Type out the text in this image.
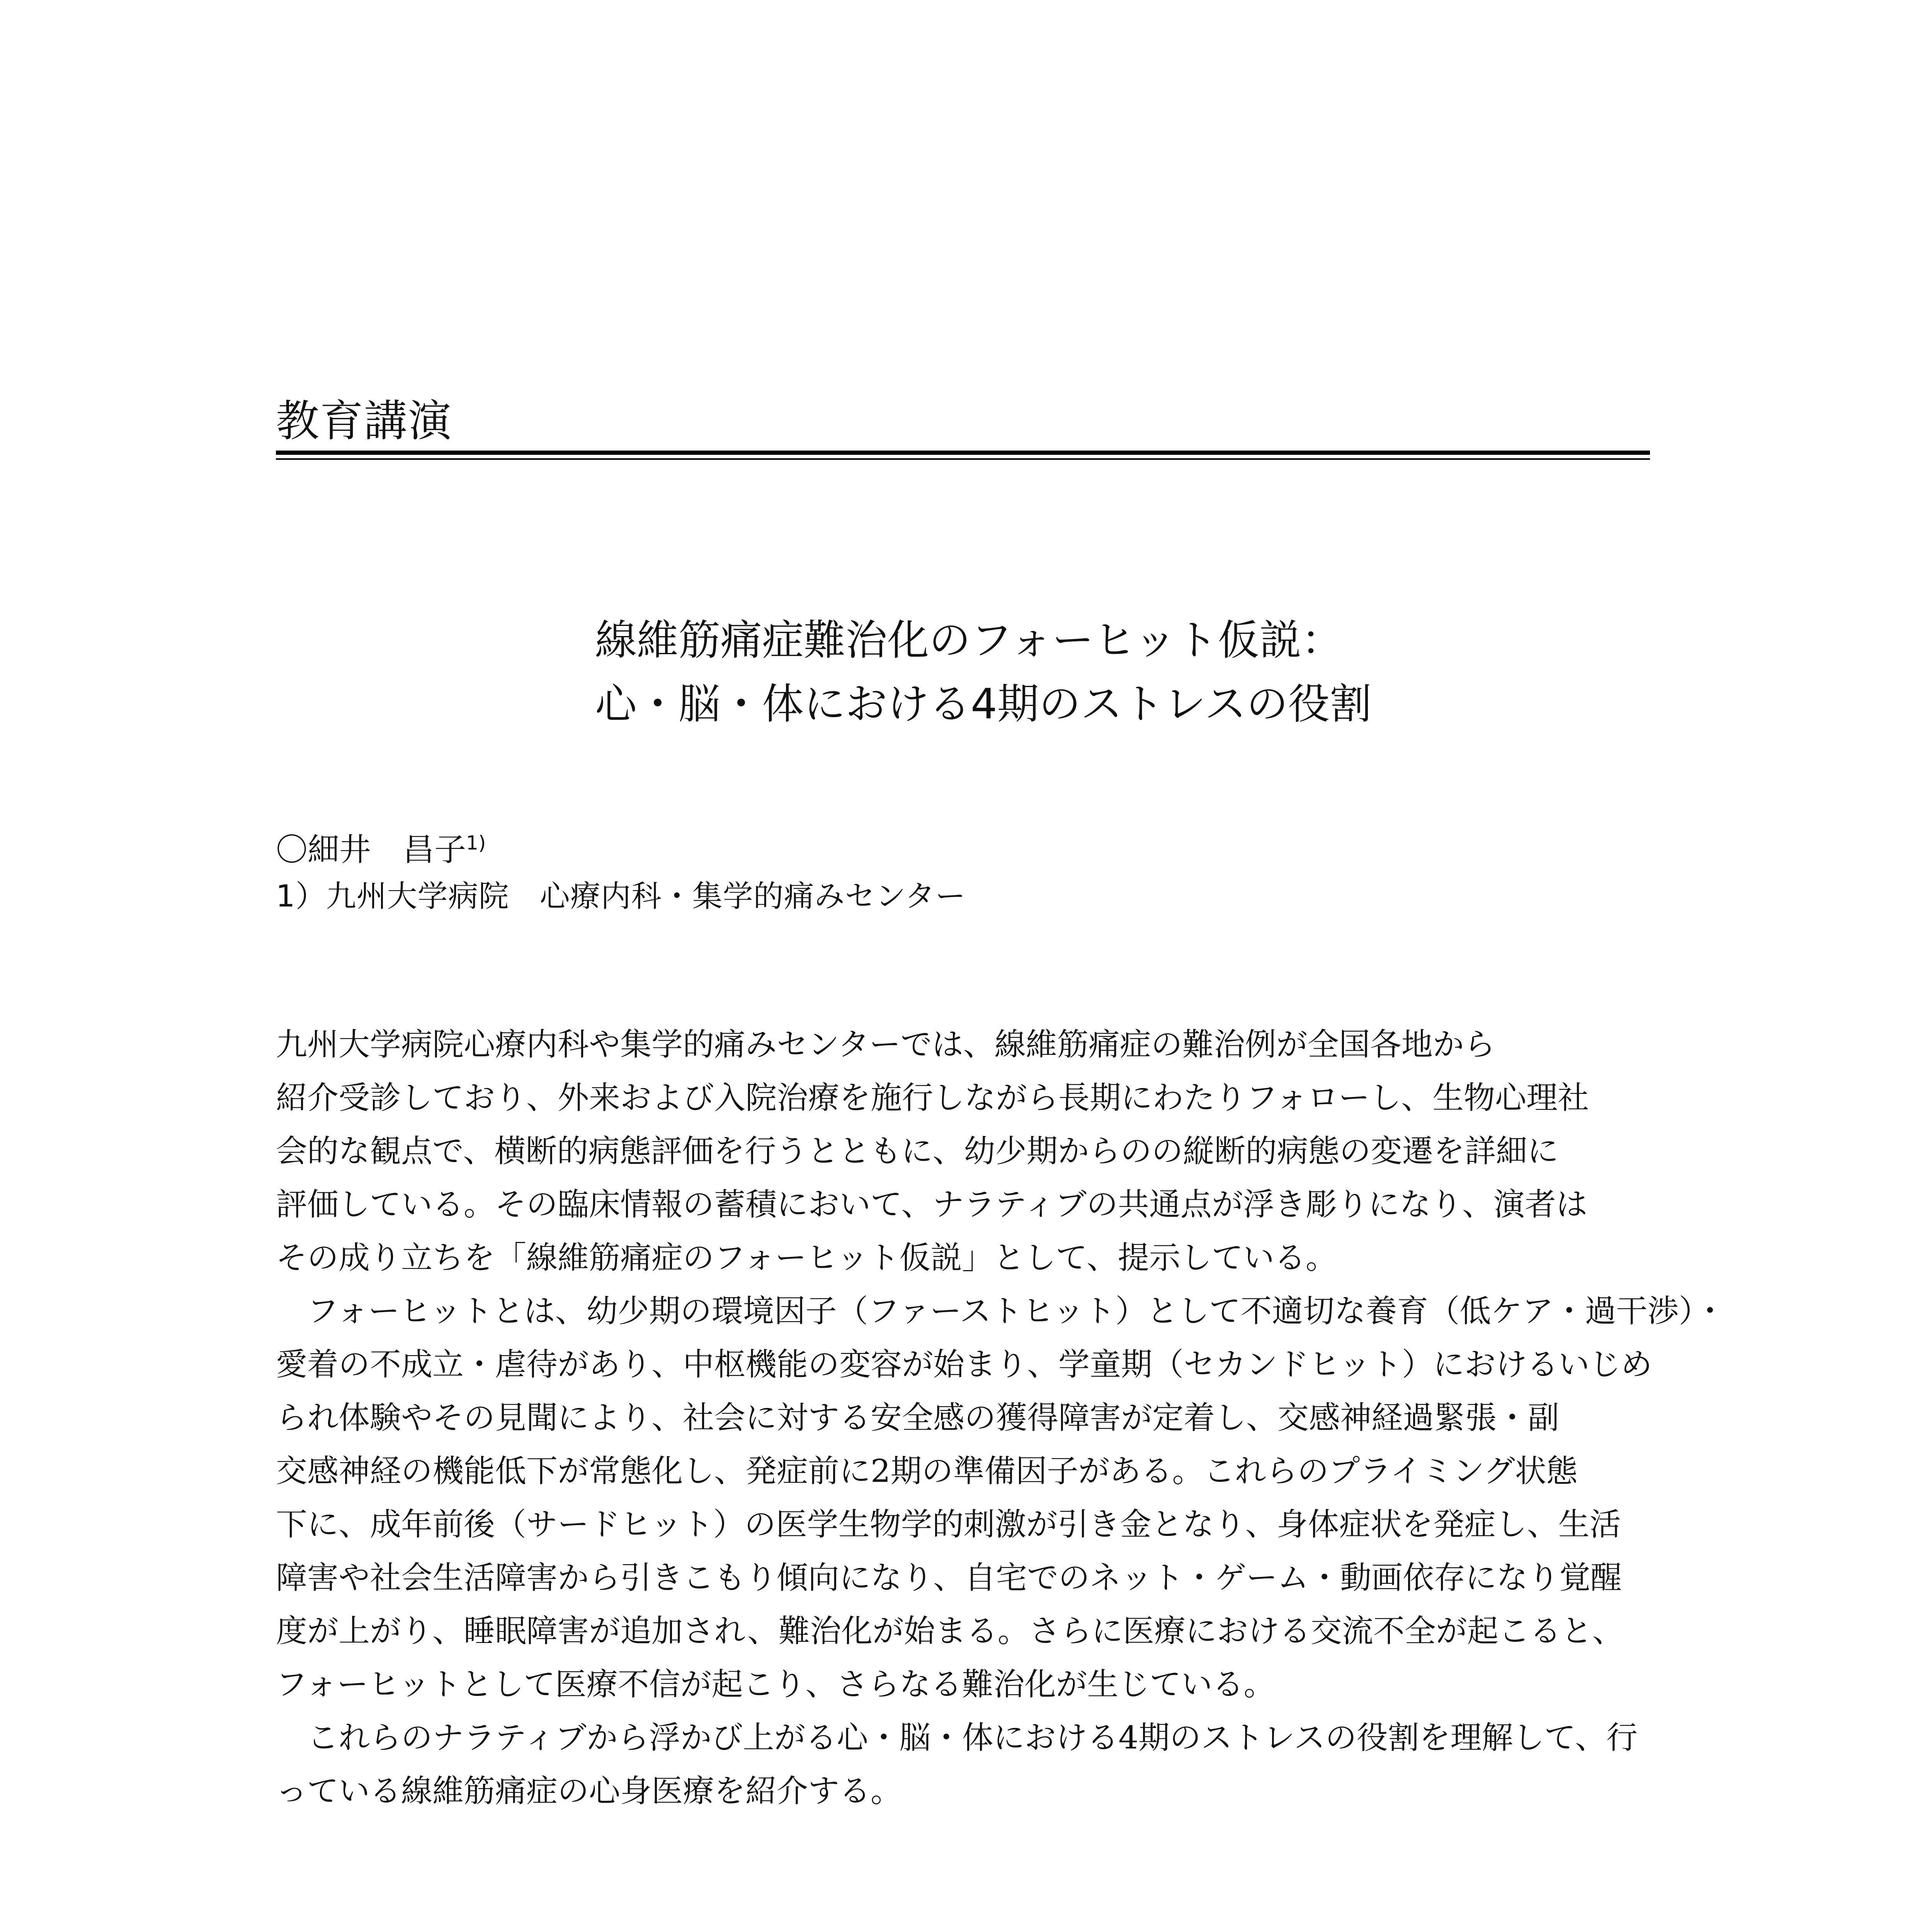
教育講演
線維筋痛症難治化のフォーヒット仮説：
心・脳・体における4期のストレスの役割
〇細井　昌子$^{1)}$
1）九州大学病院　心療内科・集学的痛みセンター
九州大学病院心療内科や集学的痛みセンターでは、線維筋痛症の難治例が全国各地から
紹介受診しており、外来および入院治療を施行しながら長期にわたりフォローし、生物心理社
会的な観点で、横断的病態評価を行うとともに、幼少期からのの縦断的病態の変遷を詳細に
評価している。その臨床情報の蓄積において、ナラティブの共通点が浮き彫りになり、演者は
その成り立ちを「線維筋痛症のフォーヒット仮説」として、提示している。
　フォーヒットとは、幼少期の環境因子（ファーストヒット）として不適切な養育（低ケア・過干渉）・
愛着の不成立・虐待があり、中枢機能の変容が始まり、学童期（セカンドヒット）におけるいじめ
られ体験やその見聞により、社会に対する安全感の獲得障害が定着し、交感神経過緊張・副
交感神経の機能低下が常態化し、発症前に2期の準備因子がある。これらのプライミング状態
下に、成年前後（サードヒット）の医学生物学的刺激が引き金となり、身体症状を発症し、生活
障害や社会生活障害から引きこもり傾向になり、自宅でのネット・ゲーム・動画依存になり覚醒
度が上がり、睡眠障害が追加され、難治化が始まる。さらに医療における交流不全が起こると、
フォーヒットとして医療不信が起こり、さらなる難治化が生じている。
　これらのナラティブから浮かび上がる心・脳・体における4期のストレスの役割を理解して、行
っている線維筋痛症の心身医療を紹介する。
